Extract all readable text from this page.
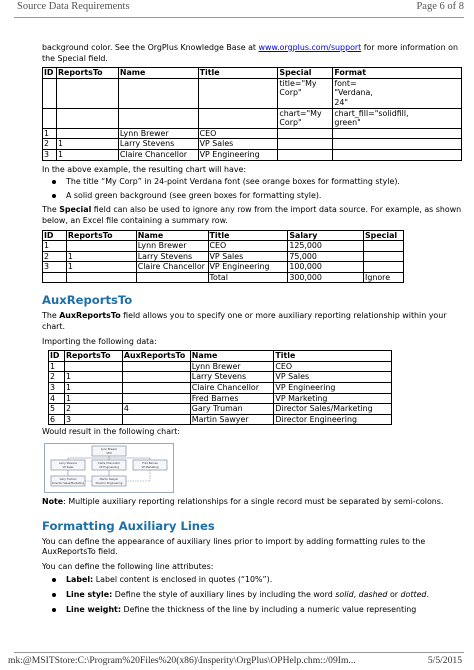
Source Data Requirements	Page 6 of 8

background color. See the OrgPlus Knowledge Base at www.orgplus.com/support for more information on the Special field.

ID	ReportsTo	Name	Title	Special	Format
				title="My Corp"	font=
"Verdana,
24"
				chart="My Corp"	chart_fill="solidfill,
green"
1		Lynn Brewer	CEO		
2	1	Larry Stevens	VP Sales		
3	1	Claire Chancellor	VP Engineering		

In the above example, the resulting chart will have:

The title “My Corp” in 24-point Verdana font (see orange boxes for formatting style).
A solid green background (see green boxes for formatting style).

The Special field can also be used to ignore any row from the import data source. For example, as shown below, an Excel file containing a summary row.

ID	ReportsTo	Name	Title	Salary	Special
1		Lynn Brewer	CEO	125,000	
2	1	Larry Stevens	VP Sales	75,000	
3	1	Claire Chancellor	VP Engineering	100,000	
			Total	300,000	Ignore
AuxReportsTo

The AuxReportsTo field allows you to specify one or more auxiliary reporting relationship within your chart.

Importing the following data:

ID	ReportsTo	AuxReportsTo	Name	Title
1			Lynn Brewer	CEO
2	1		Larry Stevens	VP Sales
3	1		Claire Chancellor	VP Engineering
4	1		Fred Barnes	VP Marketing
5	2	4	Gary Truman	Director Sales/Marketing
6	3		Martin Sawyer	Director Engineering

Would result in the following chart:

Lynn Brewer
CEO
Larry Stevens
VP Sales
Claire Chancellor
VP Engineering
Fred Barnes
VP Marketing
Gary Truman
Director Sales/Marketing
Martin Sawyer
Director Engineering

Note: Multiple auxiliary reporting relationships for a single record must be separated by semi-colons.

Formatting Auxiliary Lines

You can define the appearance of auxiliary lines prior to import by adding formatting rules to the AuxReportsTo field.

You can define the following line attributes:

Label: Label content is enclosed in quotes (“10%”).
Line style: Define the style of auxiliary lines by including the word solid, dashed or dotted.
Line weight: Define the thickness of the line by including a numeric value representing
mk:@MSITStore:C:\Program%20Files%20(x86)\Insperity\OrgPlus\OPHelp.chm::/09Im...	5/5/2015
